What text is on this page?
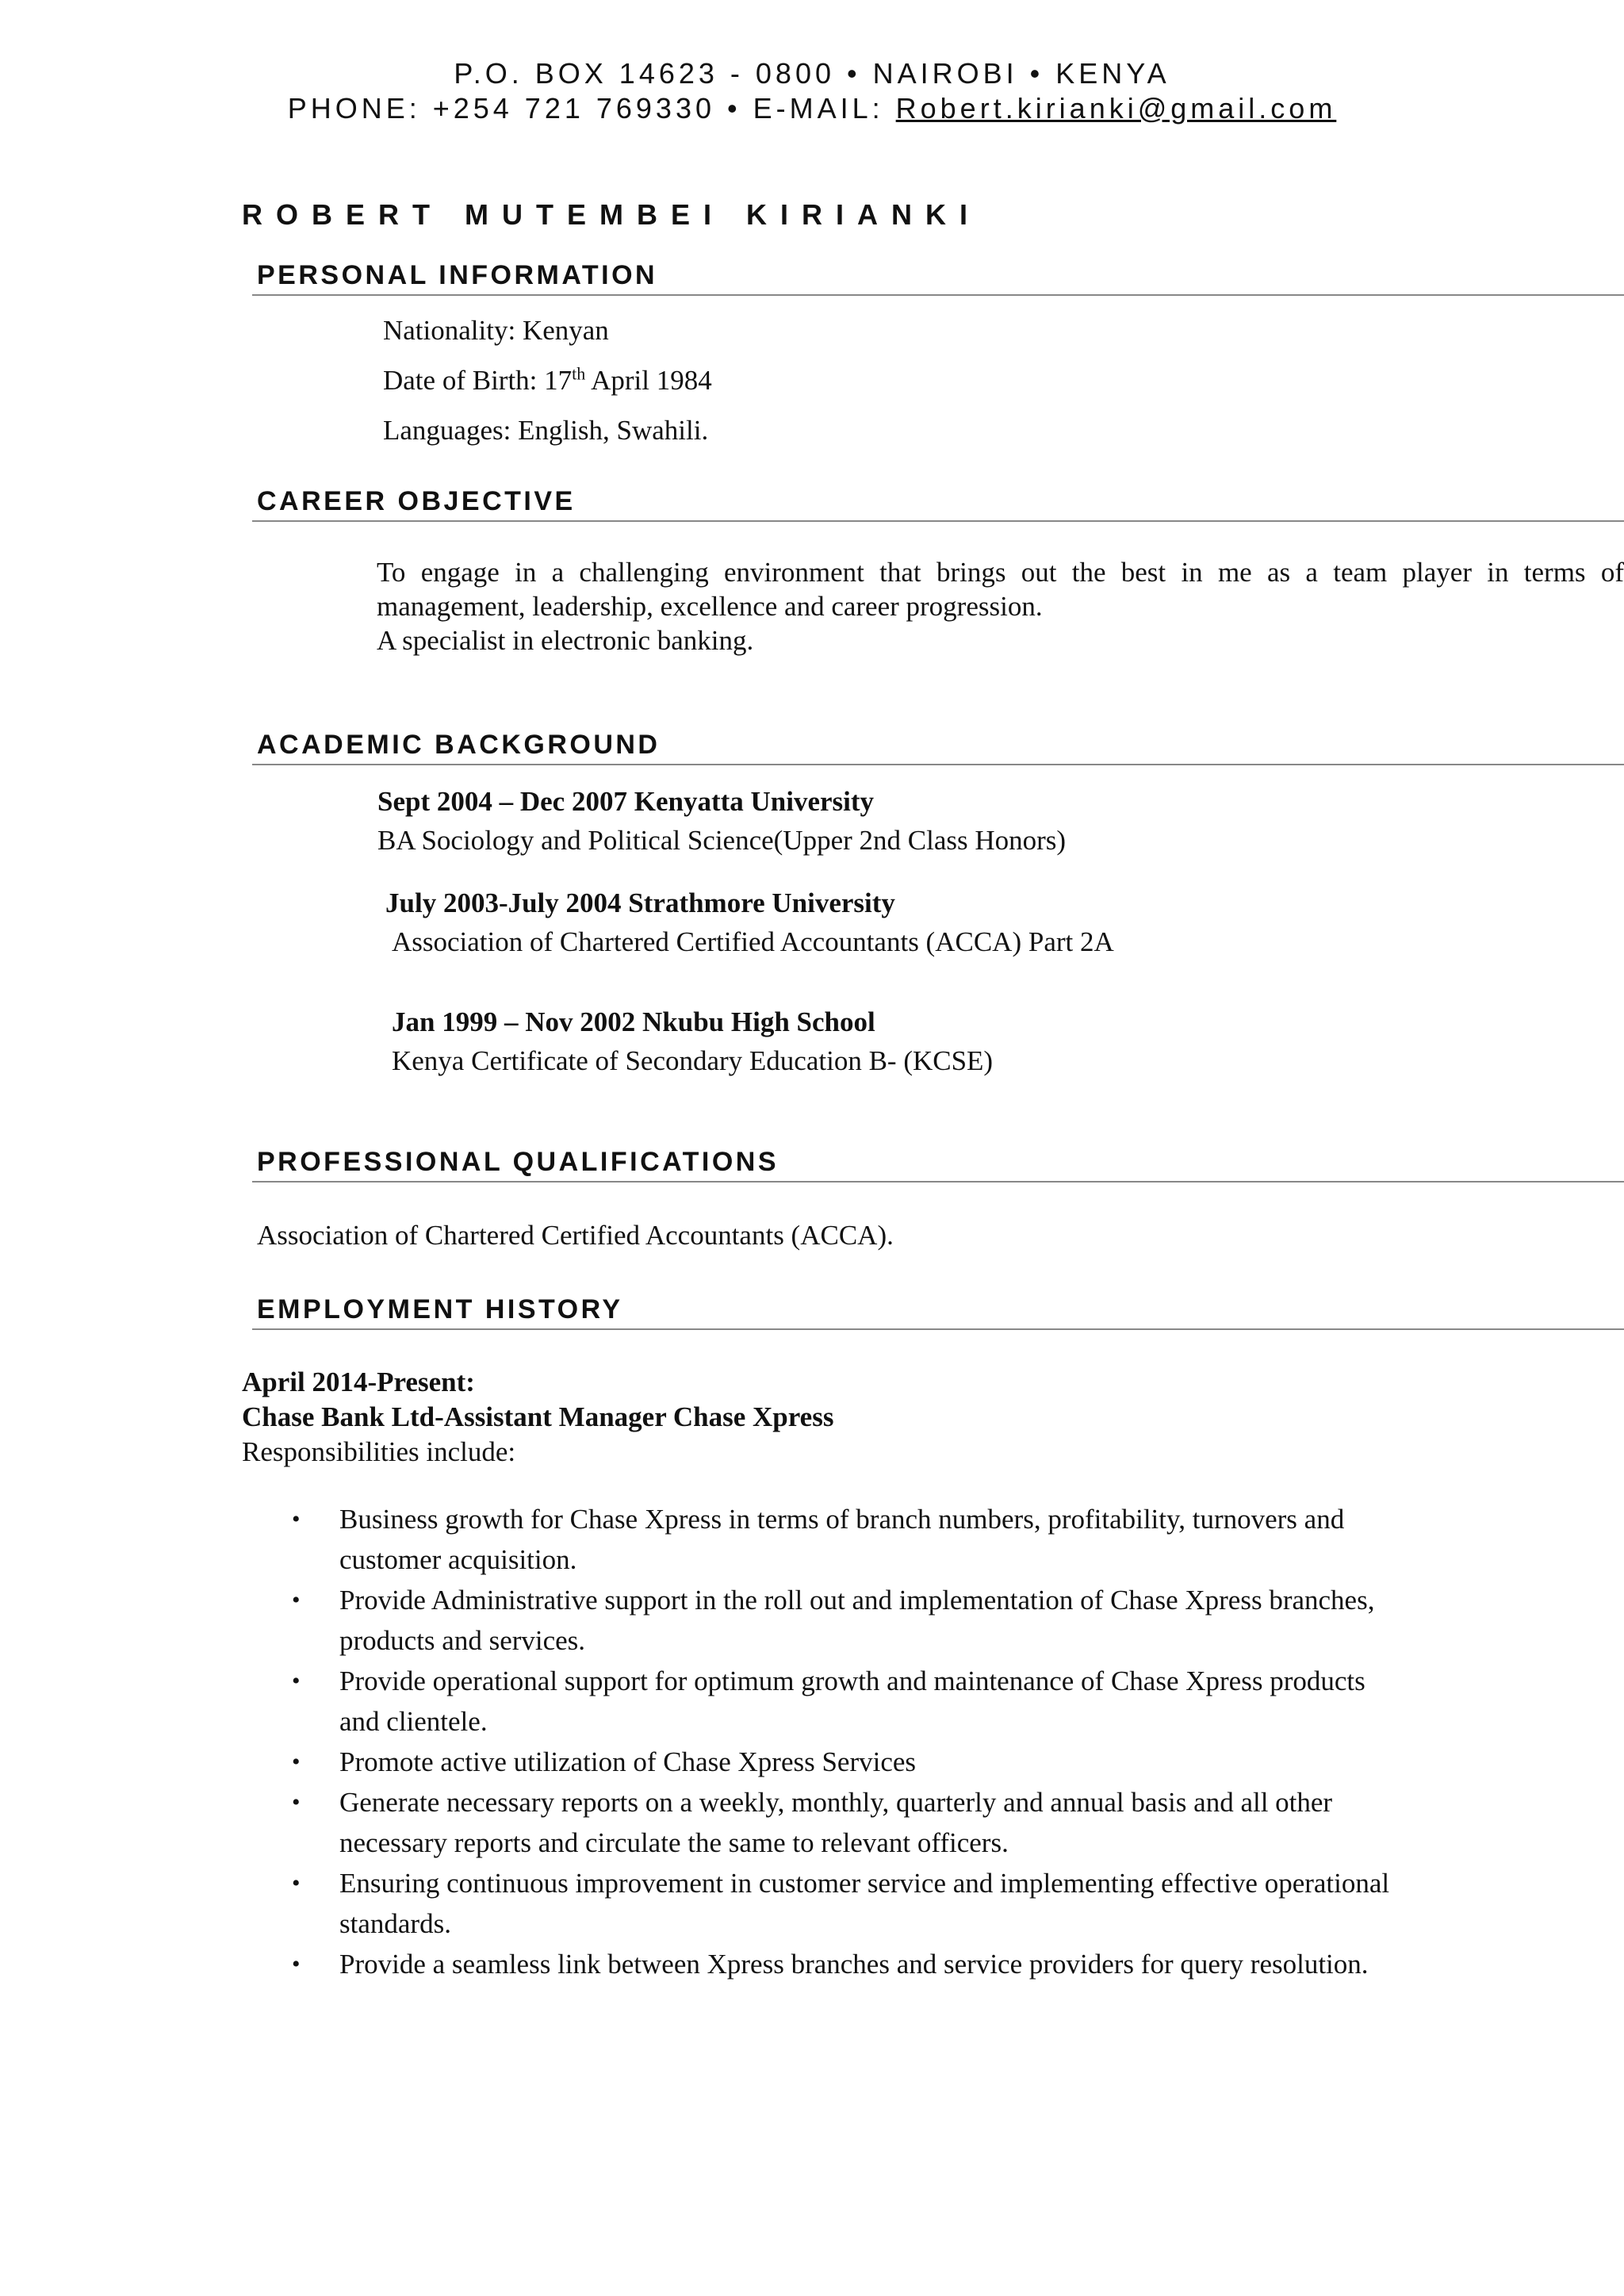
P.O. BOX 14623 - 0800 • NAIROBI • KENYA
PHONE: +254 721 769330 • E-MAIL: Robert.kirianki@gmail.com
ROBERT MUTEMBEI KIRIANKI
PERSONAL INFORMATION
Nationality: Kenyan
Date of Birth: 17th April 1984
Languages: English, Swahili.
CAREER OBJECTIVE
To engage in a challenging environment that brings out the best in me as a team player in terms of
management, leadership, excellence and career progression.
A specialist in electronic banking.
ACADEMIC BACKGROUND
Sept 2004 – Dec 2007 Kenyatta University
BA Sociology and Political Science(Upper 2nd Class Honors)
July 2003-July 2004 Strathmore University
Association of Chartered Certified Accountants (ACCA) Part 2A
Jan 1999 – Nov 2002 Nkubu High School
Kenya Certificate of Secondary Education B- (KCSE)
PROFESSIONAL QUALIFICATIONS
Association of Chartered Certified Accountants (ACCA).
EMPLOYMENT HISTORY
April 2014-Present:
Chase Bank Ltd-Assistant Manager Chase Xpress
Responsibilities include:
• Business growth for Chase Xpress in terms of branch numbers, profitability, turnovers and
customer acquisition.
• Provide Administrative support in the roll out and implementation of Chase Xpress branches,
products and services.
• Provide operational support for optimum growth and maintenance of Chase Xpress products
and clientele.
• Promote active utilization of Chase Xpress Services
• Generate necessary reports on a weekly, monthly, quarterly and annual basis and all other
necessary reports and circulate the same to relevant officers.
• Ensuring continuous improvement in customer service and implementing effective operational
standards.
• Provide a seamless link between Xpress branches and service providers for query resolution.
